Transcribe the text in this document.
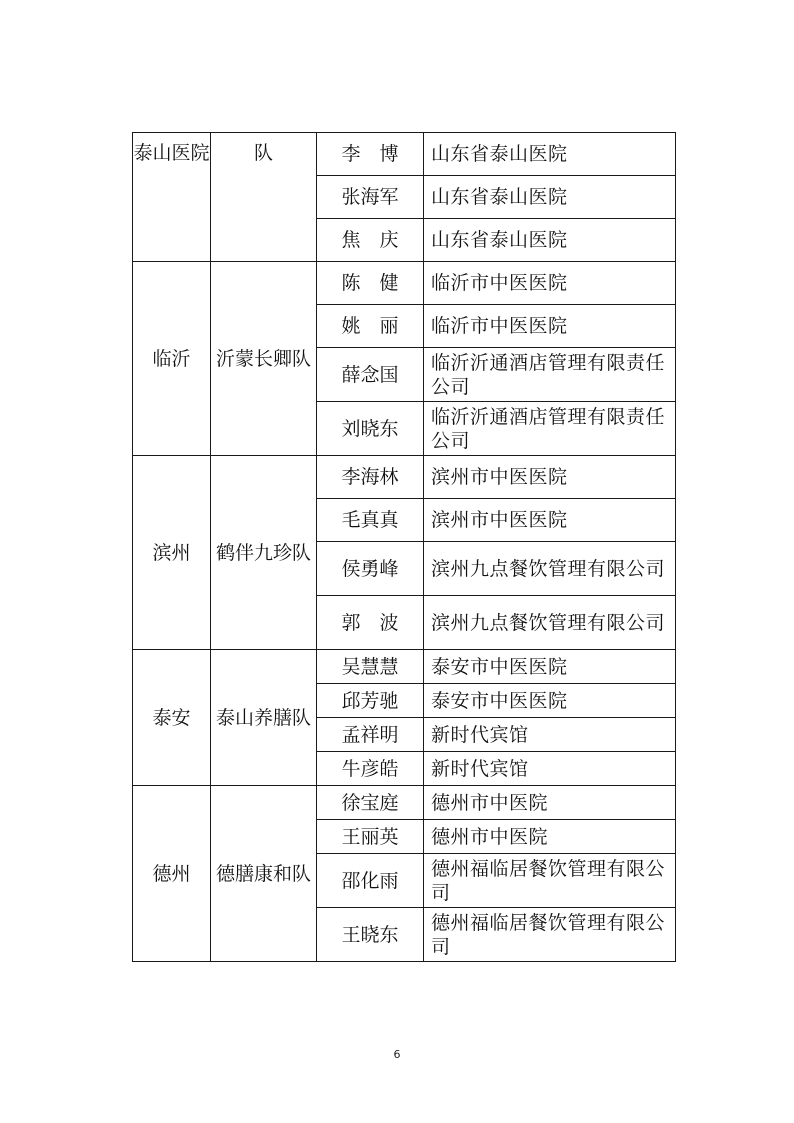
泰山医院	队	李　博	山东省泰山医院
		张海军	山东省泰山医院
		焦　庆	山东省泰山医院
临沂	沂蒙长卿队	陈　健	临沂市中医医院
		姚　丽	临沂市中医医院
		薛念国	临沂沂通酒店管理有限责任公司
		刘晓东	临沂沂通酒店管理有限责任公司
滨州	鹤伴九珍队	李海林	滨州市中医医院
		毛真真	滨州市中医医院
		侯勇峰	滨州九点餐饮管理有限公司
		郭　波	滨州九点餐饮管理有限公司
泰安	泰山养膳队	吴慧慧	泰安市中医医院
		邱芳驰	泰安市中医医院
		孟祥明	新时代宾馆
		牛彦皓	新时代宾馆
德州	德膳康和队	徐宝庭	德州市中医院
		王丽英	德州市中医院
		邵化雨	德州福临居餐饮管理有限公司
		王晓东	德州福临居餐饮管理有限公司
6
